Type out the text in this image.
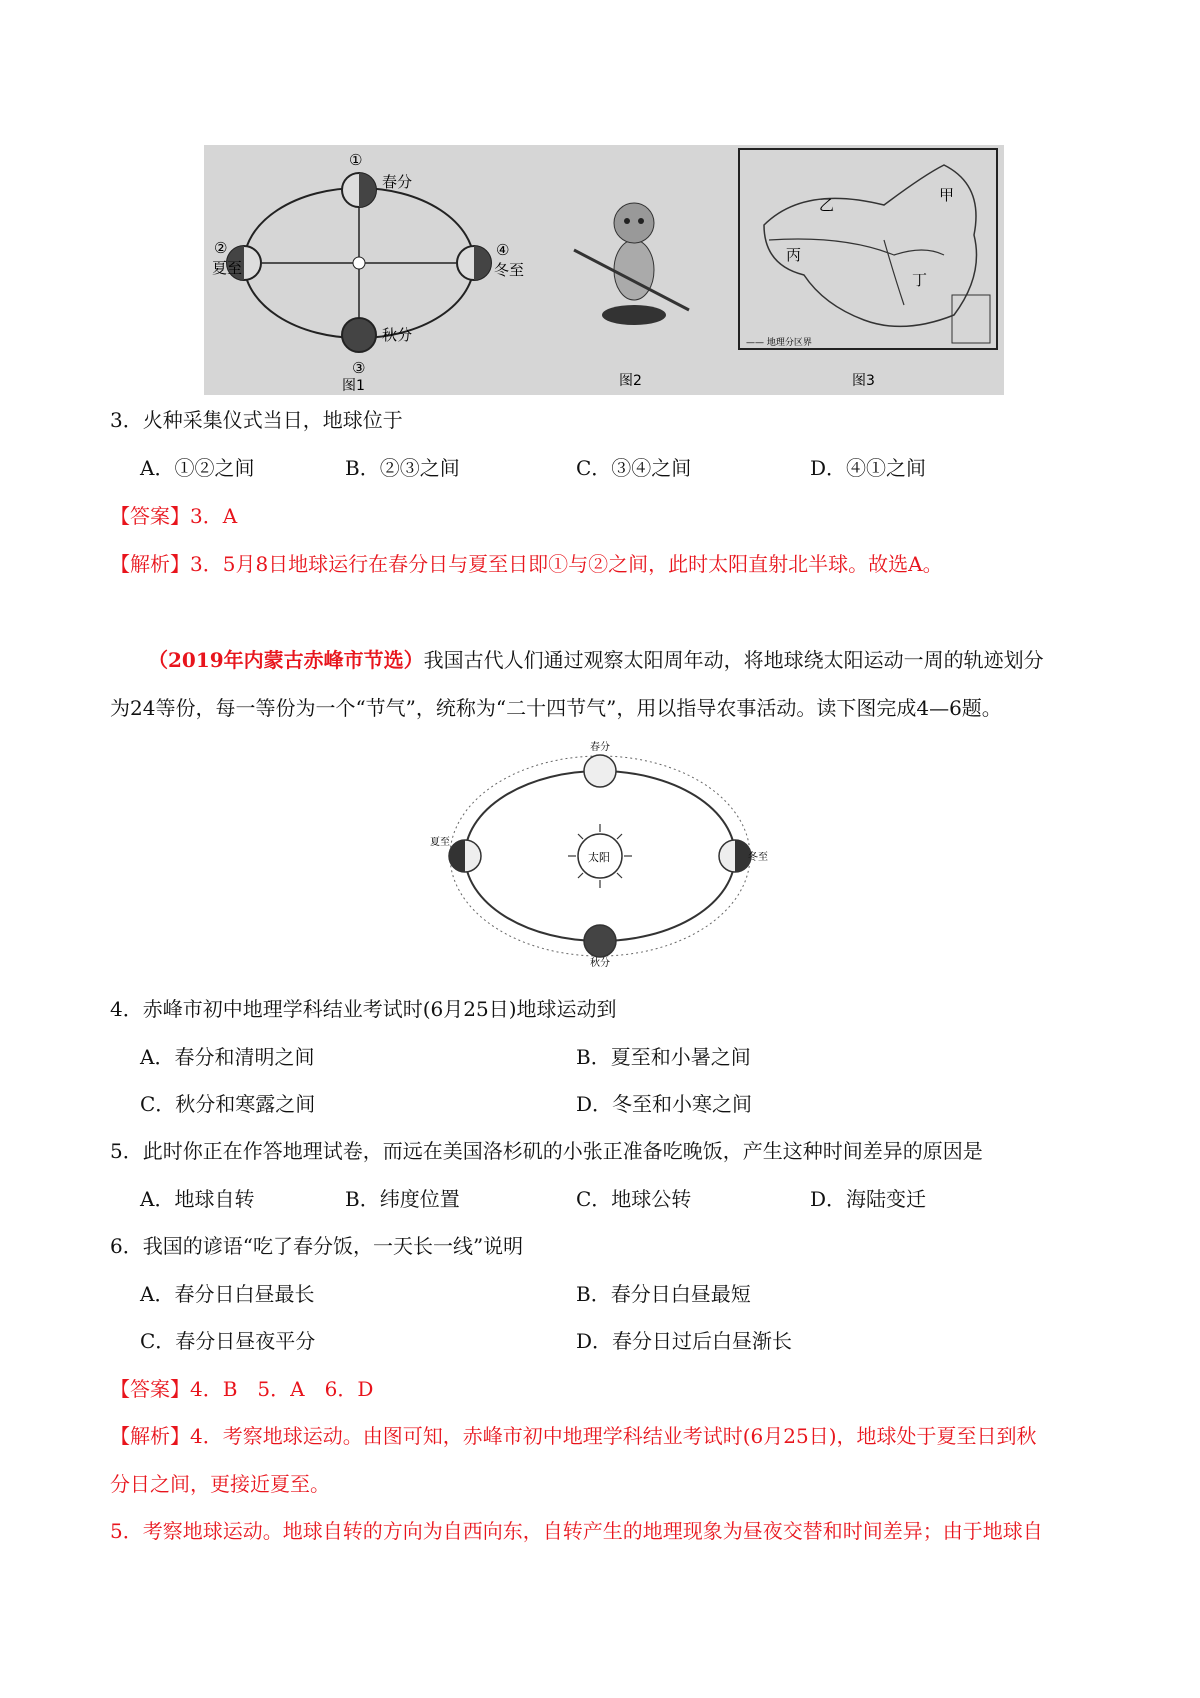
①
春分
②
夏至
④
冬至
秋分
③
图1	图2
甲
乙
丙
丁
—— 地理分区界
图3
3．火种采集仪式当日，地球位于
A．①②之间	B．②③之间	C．③④之间	D．④①之间
【答案】3．A
【解析】3．5月8日地球运行在春分日与夏至日即①与②之间，此时太阳直射北半球。故选A。
（2019年内蒙古赤峰市节选）我国古代人们通过观察太阳周年动，将地球绕太阳运动一周的轨迹划分
为24等份，每一等份为一个“节气”，统称为“二十四节气”，用以指导农事活动。读下图完成4—6题。
太阳
春分
夏至
秋分
冬至
4．赤峰市初中地理学科结业考试时(6月25日)地球运动到
A．春分和清明之间	B．夏至和小暑之间
C．秋分和寒露之间	D．冬至和小寒之间
5．此时你正在作答地理试卷，而远在美国洛杉矶的小张正准备吃晚饭，产生这种时间差异的原因是
A．地球自转	B．纬度位置	C．地球公转	D．海陆变迁
6．我国的谚语“吃了春分饭，一天长一线”说明
A．春分日白昼最长	B．春分日白昼最短
C．春分日昼夜平分	D．春分日过后白昼渐长
【答案】4．B　5．A　6．D
【解析】4．考察地球运动。由图可知，赤峰市初中地理学科结业考试时(6月25日)，地球处于夏至日到秋
分日之间，更接近夏至。
5．考察地球运动。地球自转的方向为自西向东，自转产生的地理现象为昼夜交替和时间差异；由于地球自
